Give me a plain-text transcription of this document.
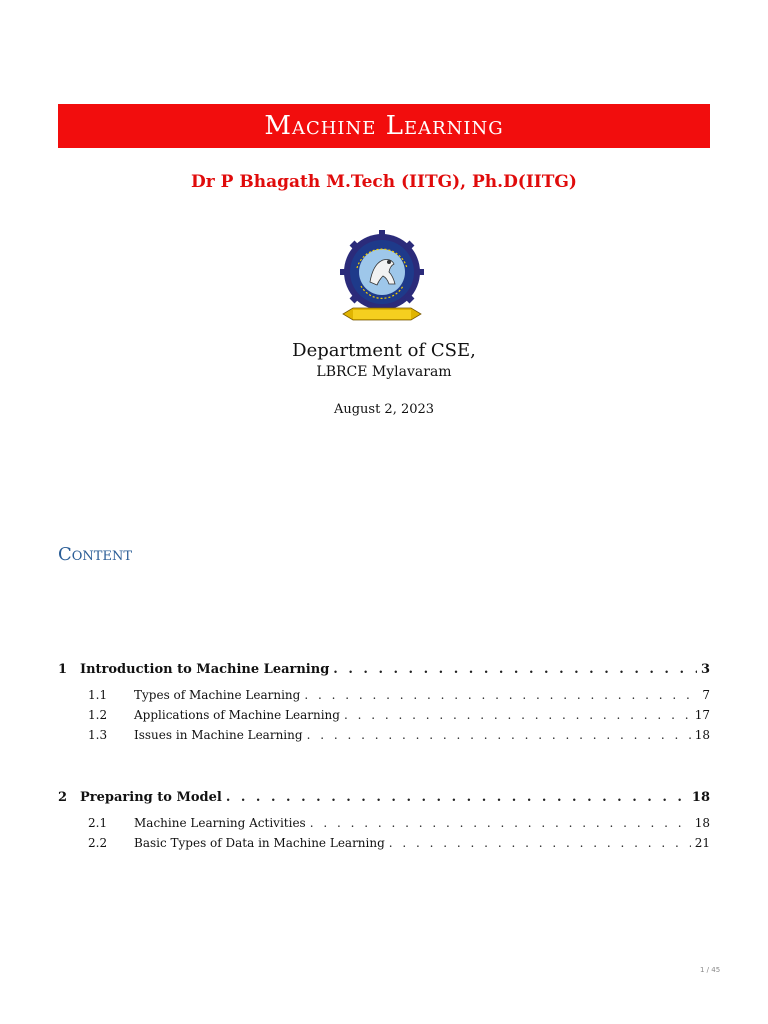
Machine Learning
Dr P Bhagath M.Tech (IITG), Ph.D(IITG)
Department of CSE,
LBRCE Mylavaram
August 2, 2023
Content
1 Introduction to Machine Learning . . .	3
1.1	Types of Machine Learning . . .	7
1.2	Applications of Machine Learning . . .	17
1.3	Issues in Machine Learning . . .	18
2 Preparing to Model . . .	18
2.1	Machine Learning Activities . . .	18
2.2	Basic Types of Data in Machine Learning . . .	21
1 / 45
